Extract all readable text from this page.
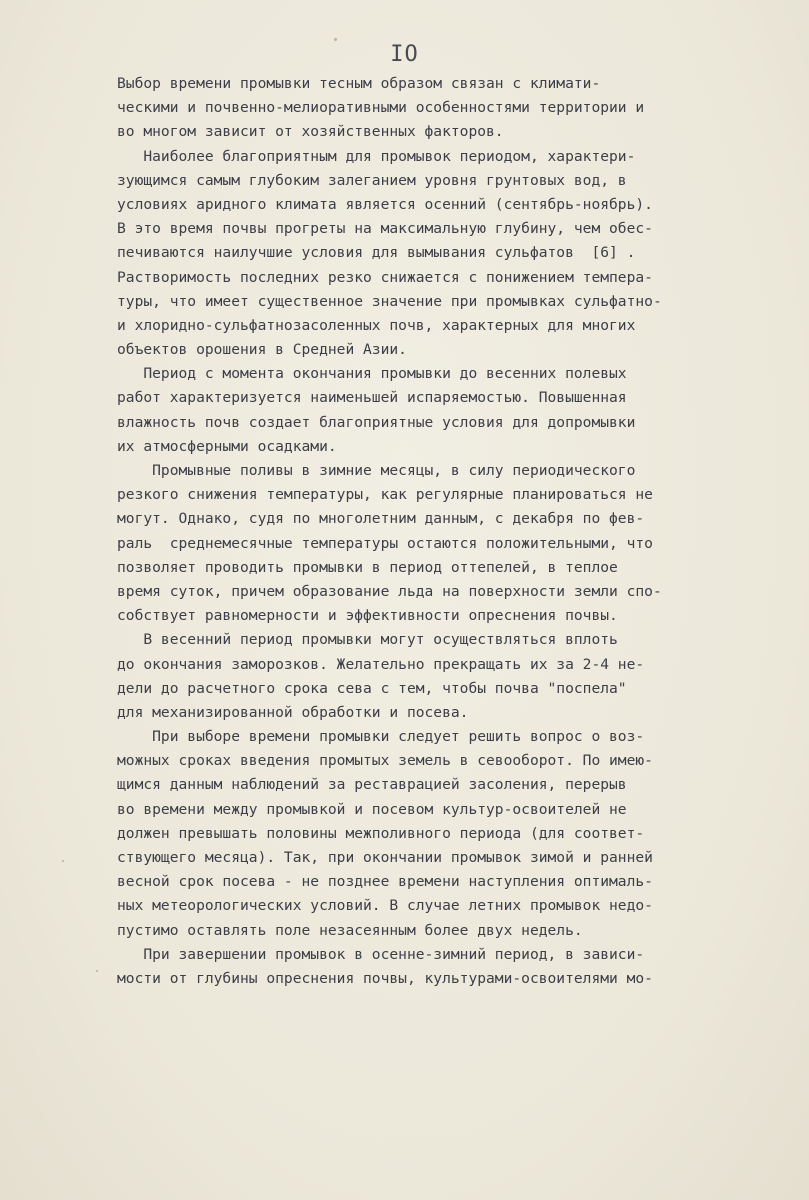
IO
Выбор времени промывки тесным образом связан с климати-
ческими и почвенно-мелиоративными особенностями территории и
во многом зависит от хозяйственных факторов.
Наиболее благоприятным для промывок периодом, характери-
зующимся самым глубоким залеганием уровня грунтовых вод, в
условиях аридного климата является осенний (сентябрь-ноябрь).
В это время почвы прогреты на максимальную глубину, чем обес-
печиваются наилучшие условия для вымывания сульфатов  [6] .
Растворимость последних резко снижается с понижением темпера-
туры, что имеет существенное значение при промывках сульфатно-
и хлоридно-сульфатнозасоленных почв, характерных для многих
объектов орошения в Средней Азии.
Период с момента окончания промывки до весенних полевых
работ характеризуется наименьшей испаряемостью. Повышенная
влажность почв создает благоприятные условия для допромывки
их атмосферными осадками.
Промывные поливы в зимние месяцы, в силу периодического
резкого снижения температуры, как регулярные планироваться не
могут. Однако, судя по многолетним данным, с декабря по фев-
раль  среднемесячные температуры остаются положительными, что
позволяет проводить промывки в период оттепелей, в теплое
время суток, причем образование льда на поверхности земли спо-
собствует равномерности и эффективности опреснения почвы.
В весенний период промывки могут осуществляться вплоть
до окончания заморозков. Желательно прекращать их за 2-4 не-
дели до расчетного срока сева с тем, чтобы почва "поспела"
для механизированной обработки и посева.
При выборе времени промывки следует решить вопрос о воз-
можных сроках введения промытых земель в севооборот. По имею-
щимся данным наблюдений за реставрацией засоления, перерыв
во времени между промывкой и посевом культур-освоителей не
должен превышать половины межполивного периода (для соответ-
ствующего месяца). Так, при окончании промывок зимой и ранней
весной срок посева - не позднее времени наступления оптималь-
ных метеорологических условий. В случае летних промывок недо-
пустимо оставлять поле незасеянным более двух недель.
При завершении промывок в осенне-зимний период, в зависи-
мости от глубины опреснения почвы, культурами-освоителями мо-
